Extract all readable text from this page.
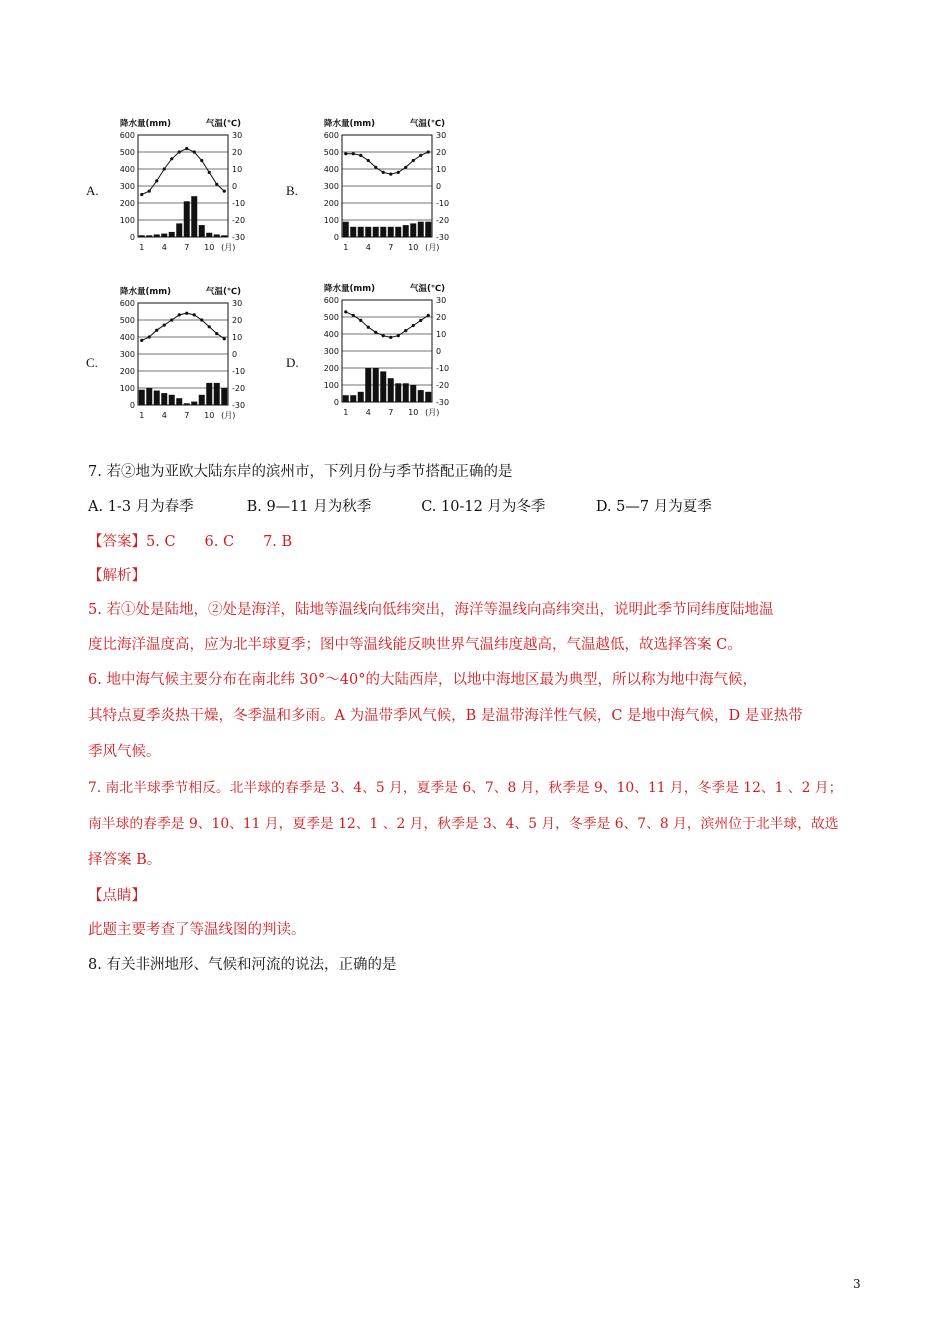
A.
降水量(mm)	气温(℃)
600
500
400
300
200
100
0
30
20
10
0
-10
-20
-30
1 4 7 10 (月)
B.
降水量(mm)	气温(℃)
600
500
400
300
200
100
0
30
20
10
0
-10
-20
-30
1 4 7 10 (月)
C.
降水量(mm)	气温(℃)
600
500
400
300
200
100
0
30
20
10
0
-10
-20
-30
1 4 7 10 (月)
D.
降水量(mm)	气温(℃)
600
500
400
300
200
100
0
30
20
10
0
-10
-20
-30
1 4 7 10 (月)
7. 若②地为亚欧大陆东岸的滨州市，下列月份与季节搭配正确的是
A. 1-3 月为春季	B. 9—11 月为秋季	C. 10-12 月为冬季	D. 5—7 月为夏季
【答案】5. C　　6. C　　7. B
【解析】
5. 若①处是陆地，②处是海洋，陆地等温线向低纬突出，海洋等温线向高纬突出，说明此季节同纬度陆地温
度比海洋温度高，应为北半球夏季；图中等温线能反映世界气温纬度越高，气温越低，故选择答案 C。
6. 地中海气候主要分布在南北纬 30°～40°的大陆西岸，以地中海地区最为典型，所以称为地中海气候，
其特点夏季炎热干燥，冬季温和多雨。A 为温带季风气候，B 是温带海洋性气候，C 是地中海气候，D 是亚热带
季风气候。
7. 南北半球季节相反。北半球的春季是 3、4、5 月，夏季是 6、7、8 月，秋季是 9、10、11 月，冬季是 12、1 、2 月；
南半球的春季是 9、10、11 月，夏季是 12、1 、2 月，秋季是 3、4、5 月，冬季是 6、7、8 月，滨州位于北半球，故选
择答案 B。
【点睛】
此题主要考查了等温线图的判读。
8. 有关非洲地形、气候和河流的说法，正确的是
3
